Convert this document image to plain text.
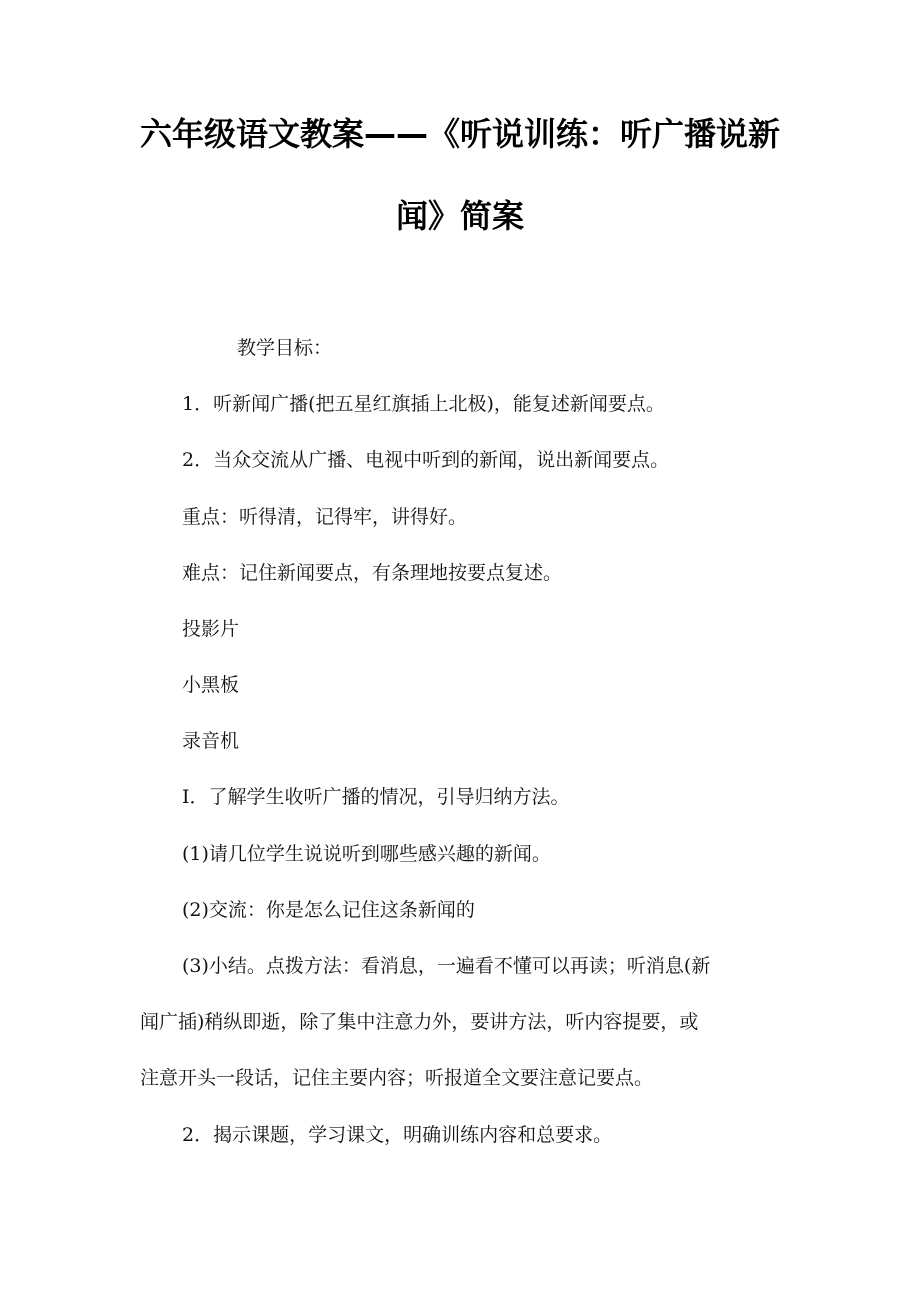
六年级语文教案——《听说训练：听广播说新
闻》简案
教学目标：
1．听新闻广播(把五星红旗插上北极)，能复述新闻要点。
2．当众交流从广播、电视中听到的新闻，说出新闻要点。
重点：听得清，记得牢，讲得好。
难点：记住新闻要点，有条理地按要点复述。
投影片
小黑板
录音机
I．了解学生收听广播的情况，引导归纳方法。
(1)请几位学生说说听到哪些感兴趣的新闻。
(2)交流：你是怎么记住这条新闻的
(3)小结。点拨方法：看消息，一遍看不懂可以再读；听消息(新
闻广插)稍纵即逝，除了集中注意力外，要讲方法，听内容提要，或
注意开头一段话，记住主要内容；听报道全文要注意记要点。
2．揭示课题，学习课文，明确训练内容和总要求。
